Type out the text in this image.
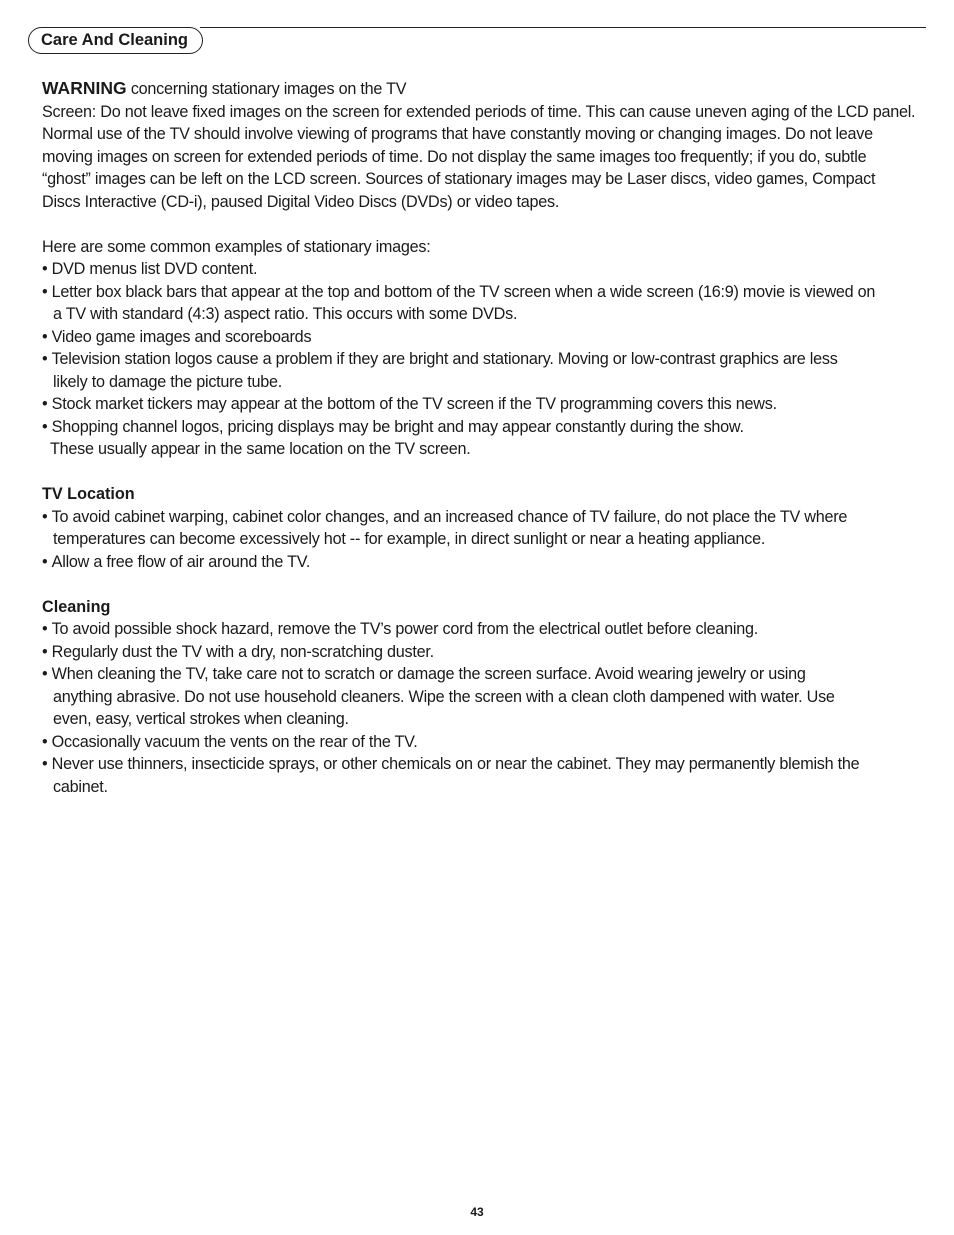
Care And Cleaning

WARNING concerning stationary images on the TV

Screen: Do not leave fixed images on the screen for extended periods of time. This can cause uneven aging of the LCD panel. Normal use of the TV should involve viewing of programs that have constantly moving or changing images. Do not leave moving images on screen for extended periods of time. Do not display the same images too frequently; if you do, subtle “ghost” images can be left on the LCD screen. Sources of stationary images may be Laser discs, video games, Compact Discs Interactive (CD-i), paused Digital Video Discs (DVDs) or video tapes.

Here are some common examples of stationary images:

• DVD menus list DVD content.

• Letter box black bars that appear at the top and bottom of the TV screen when a wide screen (16:9) movie is viewed on a TV with standard (4:3) aspect ratio. This occurs with some DVDs.

• Video game images and scoreboards

• Television station logos cause a problem if they are bright and stationary. Moving or low-contrast graphics are less likely to damage the picture tube.

• Stock market tickers may appear at the bottom of the TV screen if the TV programming covers this news.

• Shopping channel logos, pricing displays may be bright and may appear constantly during the show.

These usually appear in the same location on the TV screen.

TV Location

• To avoid cabinet warping, cabinet color changes, and an increased chance of TV failure, do not place the TV where temperatures can become excessively hot -- for example, in direct sunlight or near a heating appliance.

• Allow a free flow of air around the TV.

Cleaning

• To avoid possible shock hazard, remove the TV’s power cord from the electrical outlet before cleaning.

• Regularly dust the TV with a dry, non-scratching duster.

• When cleaning the TV, take care not to scratch or damage the screen surface. Avoid wearing jewelry or using anything abrasive. Do not use household cleaners. Wipe the screen with a clean cloth dampened with water. Use even, easy, vertical strokes when cleaning.

• Occasionally vacuum the vents on the rear of the TV.

• Never use thinners, insecticide sprays, or other chemicals on or near the cabinet. They may permanently blemish the cabinet.

43
